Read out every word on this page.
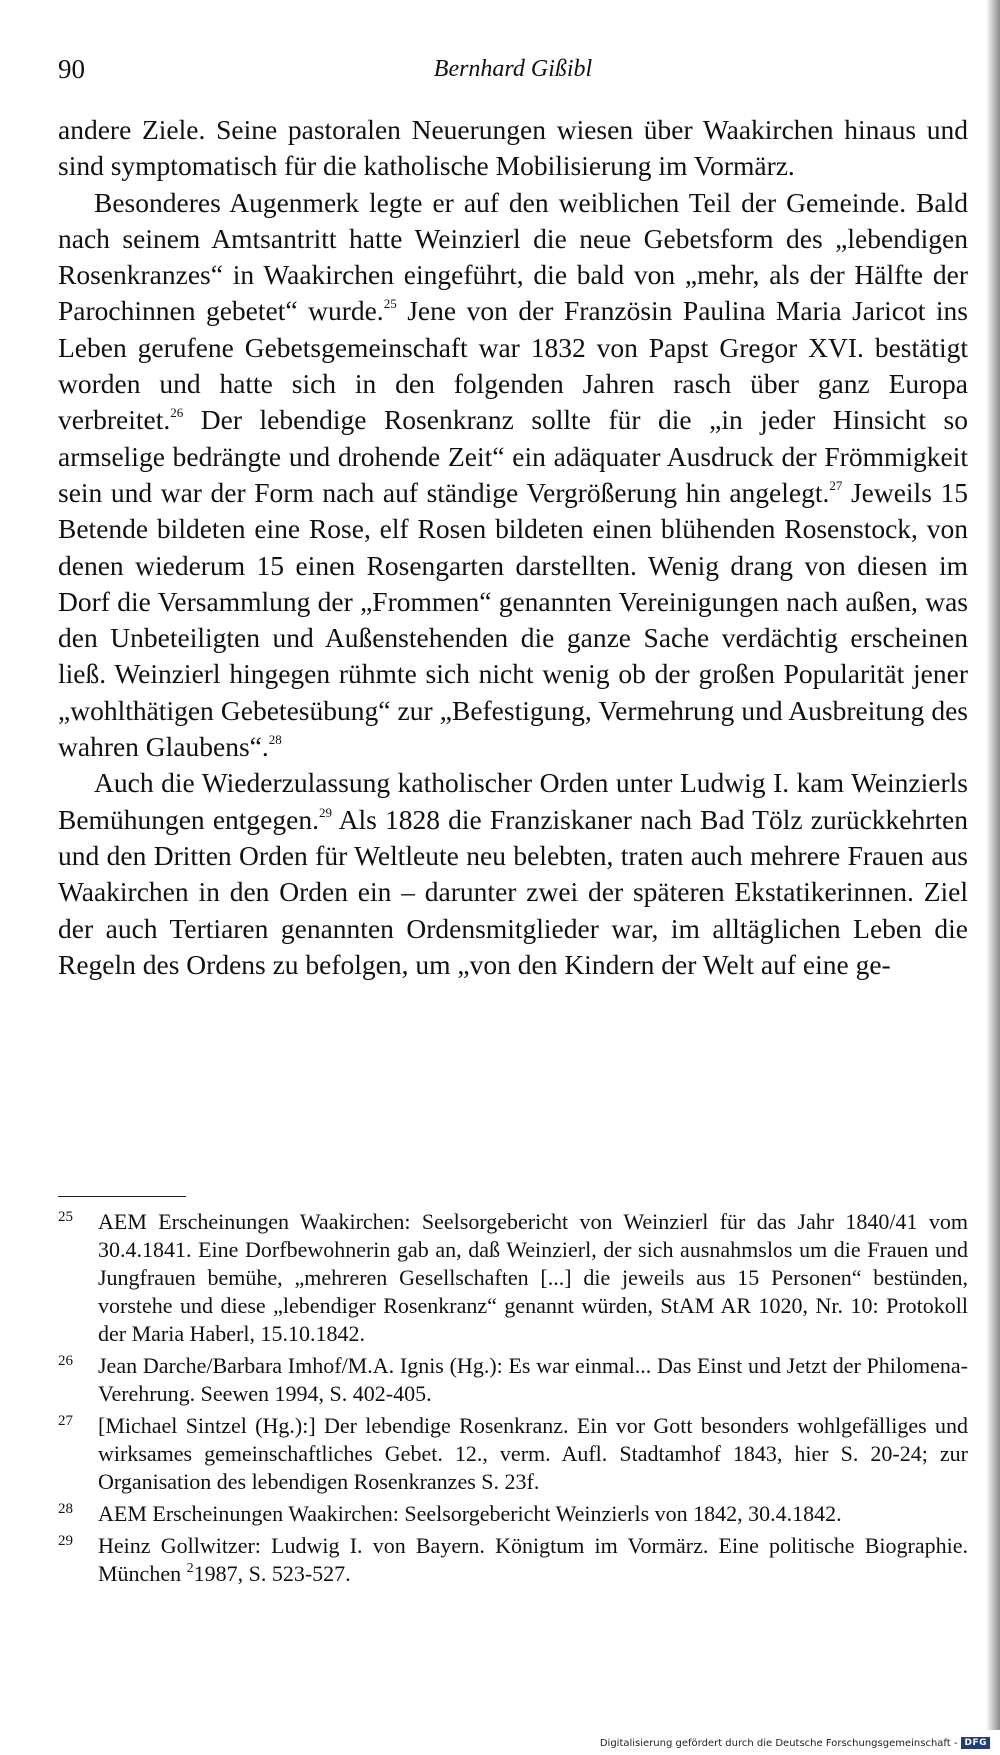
90	Bernhard Gißibl

andere Ziele. Seine pastoralen Neuerungen wiesen über Waakirchen hinaus und sind symptomatisch für die katholische Mobilisierung im Vormärz.

Besonderes Augenmerk legte er auf den weiblichen Teil der Gemeinde. Bald nach seinem Amtsantritt hatte Weinzierl die neue Gebetsform des „lebendigen Rosenkranzes“ in Waakirchen eingeführt, die bald von „mehr, als der Hälfte der Parochinnen gebetet“ wurde.$^{25}$ Jene von der Französin Paulina Maria Jaricot ins Leben gerufene Gebetsgemeinschaft war 1832 von Papst Gregor XVI. bestätigt worden und hatte sich in den folgenden Jahren rasch über ganz Europa verbreitet.$^{26}$ Der lebendige Rosenkranz sollte für die „in jeder Hinsicht so armselige bedrängte und drohende Zeit“ ein adäquater Ausdruck der Frömmigkeit sein und war der Form nach auf ständige Vergrößerung hin angelegt.$^{27}$ Jeweils 15 Betende bildeten eine Rose, elf Rosen bildeten einen blühenden Rosenstock, von denen wiederum 15 einen Rosengarten darstellten. Wenig drang von diesen im Dorf die Versammlung der „Frommen“ genannten Vereinigungen nach außen, was den Unbeteiligten und Außenstehenden die ganze Sache verdächtig erscheinen ließ. Weinzierl hingegen rühmte sich nicht wenig ob der großen Popularität jener „wohlthätigen Gebetesübung“ zur „Befestigung, Vermehrung und Ausbreitung des wahren Glaubens“.$^{28}$

Auch die Wiederzulassung katholischer Orden unter Ludwig I. kam Weinzierls Bemühungen entgegen.$^{29}$ Als 1828 die Franziskaner nach Bad Tölz zurückkehrten und den Dritten Orden für Weltleute neu belebten, traten auch mehrere Frauen aus Waakirchen in den Orden ein – darunter zwei der späteren Ekstatikerinnen. Ziel der auch Tertiaren genannten Ordensmitglieder war, im alltäglichen Leben die Regeln des Ordens zu befolgen, um „von den Kindern der Welt auf eine ge-

25 AEM Erscheinungen Waakirchen: Seelsorgebericht von Weinzierl für das Jahr 1840/41 vom 30.4.1841. Eine Dorfbewohnerin gab an, daß Weinzierl, der sich ausnahmslos um die Frauen und Jungfrauen bemühe, „mehreren Gesellschaften [...] die jeweils aus 15 Personen“ bestünden, vorstehe und diese „lebendiger Rosenkranz“ genannt würden, StAM AR 1020, Nr. 10: Protokoll der Maria Haberl, 15.10.1842.

26 Jean Darche/Barbara Imhof/M.A. Ignis (Hg.): Es war einmal... Das Einst und Jetzt der Philomena-Verehrung. Seewen 1994, S. 402-405.

27 [Michael Sintzel (Hg.):] Der lebendige Rosenkranz. Ein vor Gott besonders wohlgefälliges und wirksames gemeinschaftliches Gebet. 12., verm. Aufl. Stadtamhof 1843, hier S. 20-24; zur Organisation des lebendigen Rosenkranzes S. 23f.

28 AEM Erscheinungen Waakirchen: Seelsorgebericht Weinzierls von 1842, 30.4.1842.

29 Heinz Gollwitzer: Ludwig I. von Bayern. Königtum im Vormärz. Eine politische Biographie. München $^2$1987, S. 523-527.

Digitalisierung gefördert durch die Deutsche Forschungsgemeinschaft - DFG
